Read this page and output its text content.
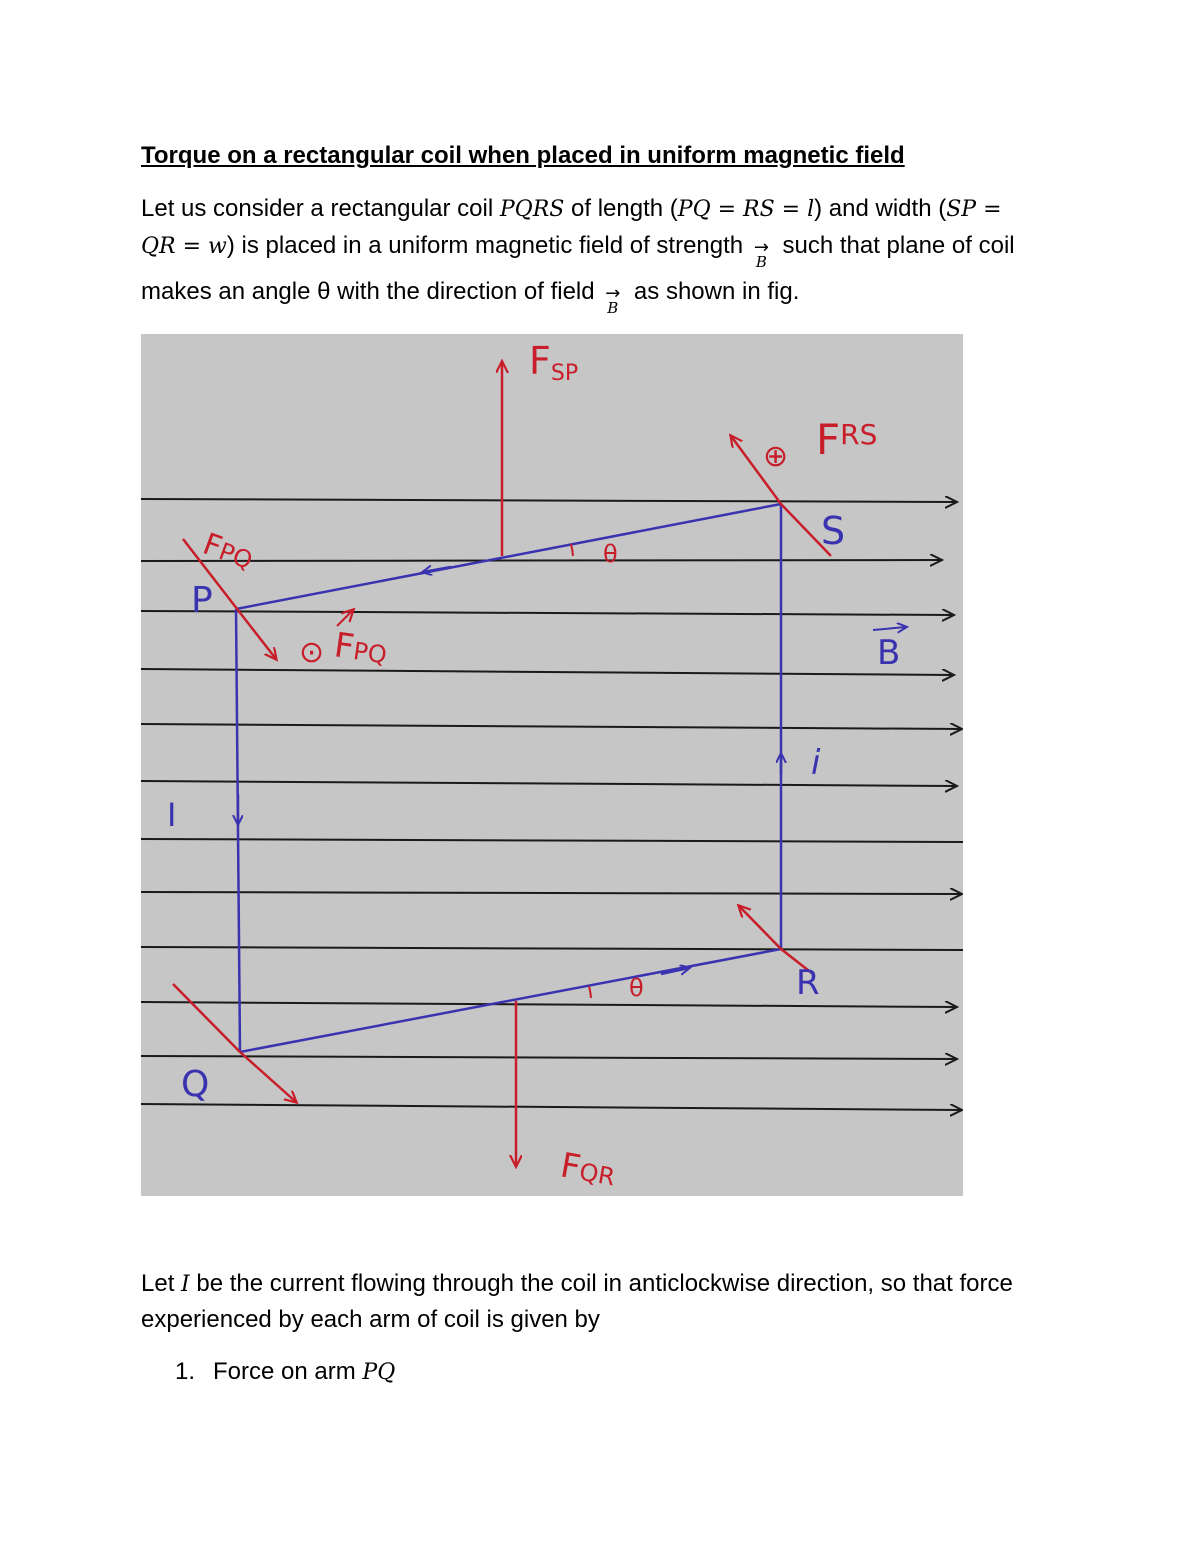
Torque on a rectangular coil when placed in uniform magnetic field
Let us consider a rectangular coil PQRS of length (PQ = RS = l) and width (SP =
QR = w) is placed in a uniform magnetic field of strength →
B
such that plane of coil
makes an angle θ with the direction of field →
B
as shown in fig.
FSP
⊕ $F^{RS}$
FPQ
P
S
θ
⊙ FPQ	B
i
I
θ	R
Q
FQR
Let I be the current flowing through the coil in anticlockwise direction, so that force
experienced by each arm of coil is given by
1. Force on arm PQ
